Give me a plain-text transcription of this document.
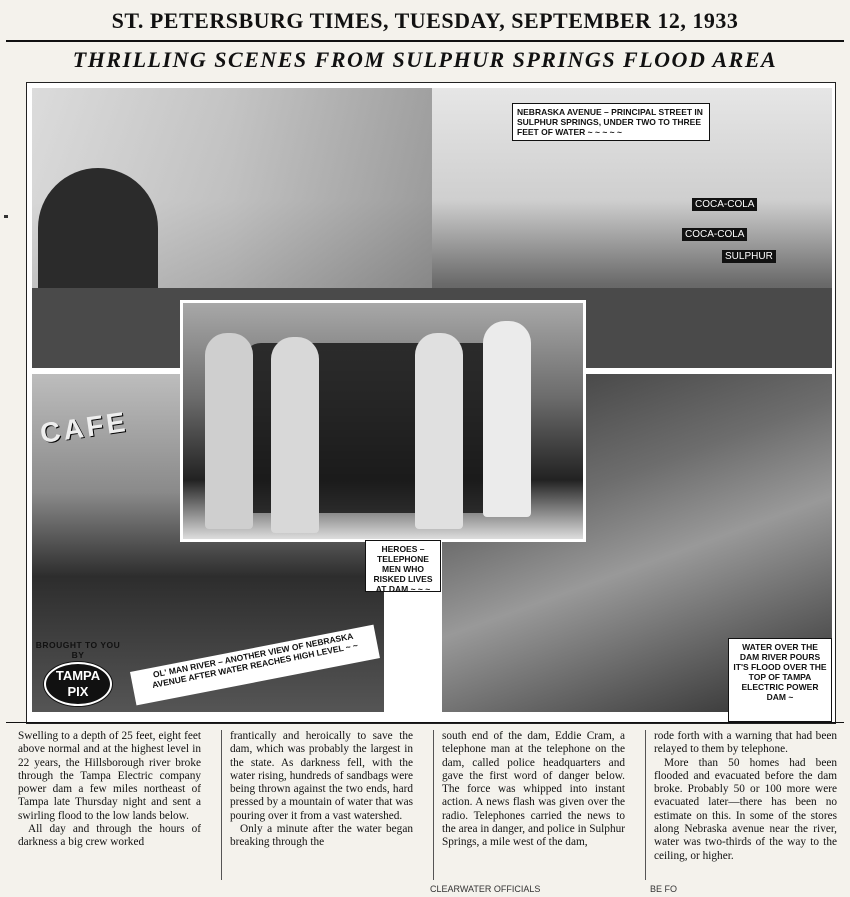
ST. PETERSBURG TIMES, TUESDAY, SEPTEMBER 12, 1933
THRILLING SCENES FROM SULPHUR SPRINGS FLOOD AREA
COCA-COLA
COCA-COLA
SULPHUR
CAFE
NEBRASKA AVENUE – PRINCIPAL STREET IN SULPHUR SPRINGS, UNDER TWO TO THREE FEET OF WATER ~ ~ ~ ~ ~
HEROES – TELEPHONE MEN WHO RISKED LIVES AT DAM ~ ~ ~
WATER OVER THE DAM RIVER POURS IT'S FLOOD OVER THE TOP OF TAMPA ELECTRIC POWER DAM ~
OL' MAN RIVER – ANOTHER VIEW OF NEBRASKA AVENUE AFTER WATER REACHES HIGH LEVEL ~ ~
BROUGHT TO YOU BY
TAMPA
PIX

Swelling to a depth of 25 feet, eight feet above normal and at the highest level in 22 years, the Hillsborough river broke through the Tampa Electric company power dam a few miles northeast of Tampa late Thursday night and sent a swirling flood to the low lands below.

All day and through the hours of darkness a big crew worked

frantically and heroically to save the dam, which was probably the largest in the state. As darkness fell, with the water rising, hundreds of sandbags were being thrown against the two ends, hard pressed by a mountain of water that was pouring over it from a vast watershed.

Only a minute after the water began breaking through the

south end of the dam, Eddie Cram, a telephone man at the telephone on the dam, called police headquarters and gave the first word of danger below. The force was whipped into instant action. A news flash was given over the radio. Telephones carried the news to the area in danger, and police in Sulphur Springs, a mile west of the dam,

rode forth with a warning that had been relayed to them by telephone.

More than 50 homes had been flooded and evacuated before the dam broke. Probably 50 or 100 more were evacuated later—there has been no estimate on this. In some of the stores along Nebraska avenue near the river, water was two-thirds of the way to the ceiling, or higher.

CLEARWATER OFFICIALS	BE FO
